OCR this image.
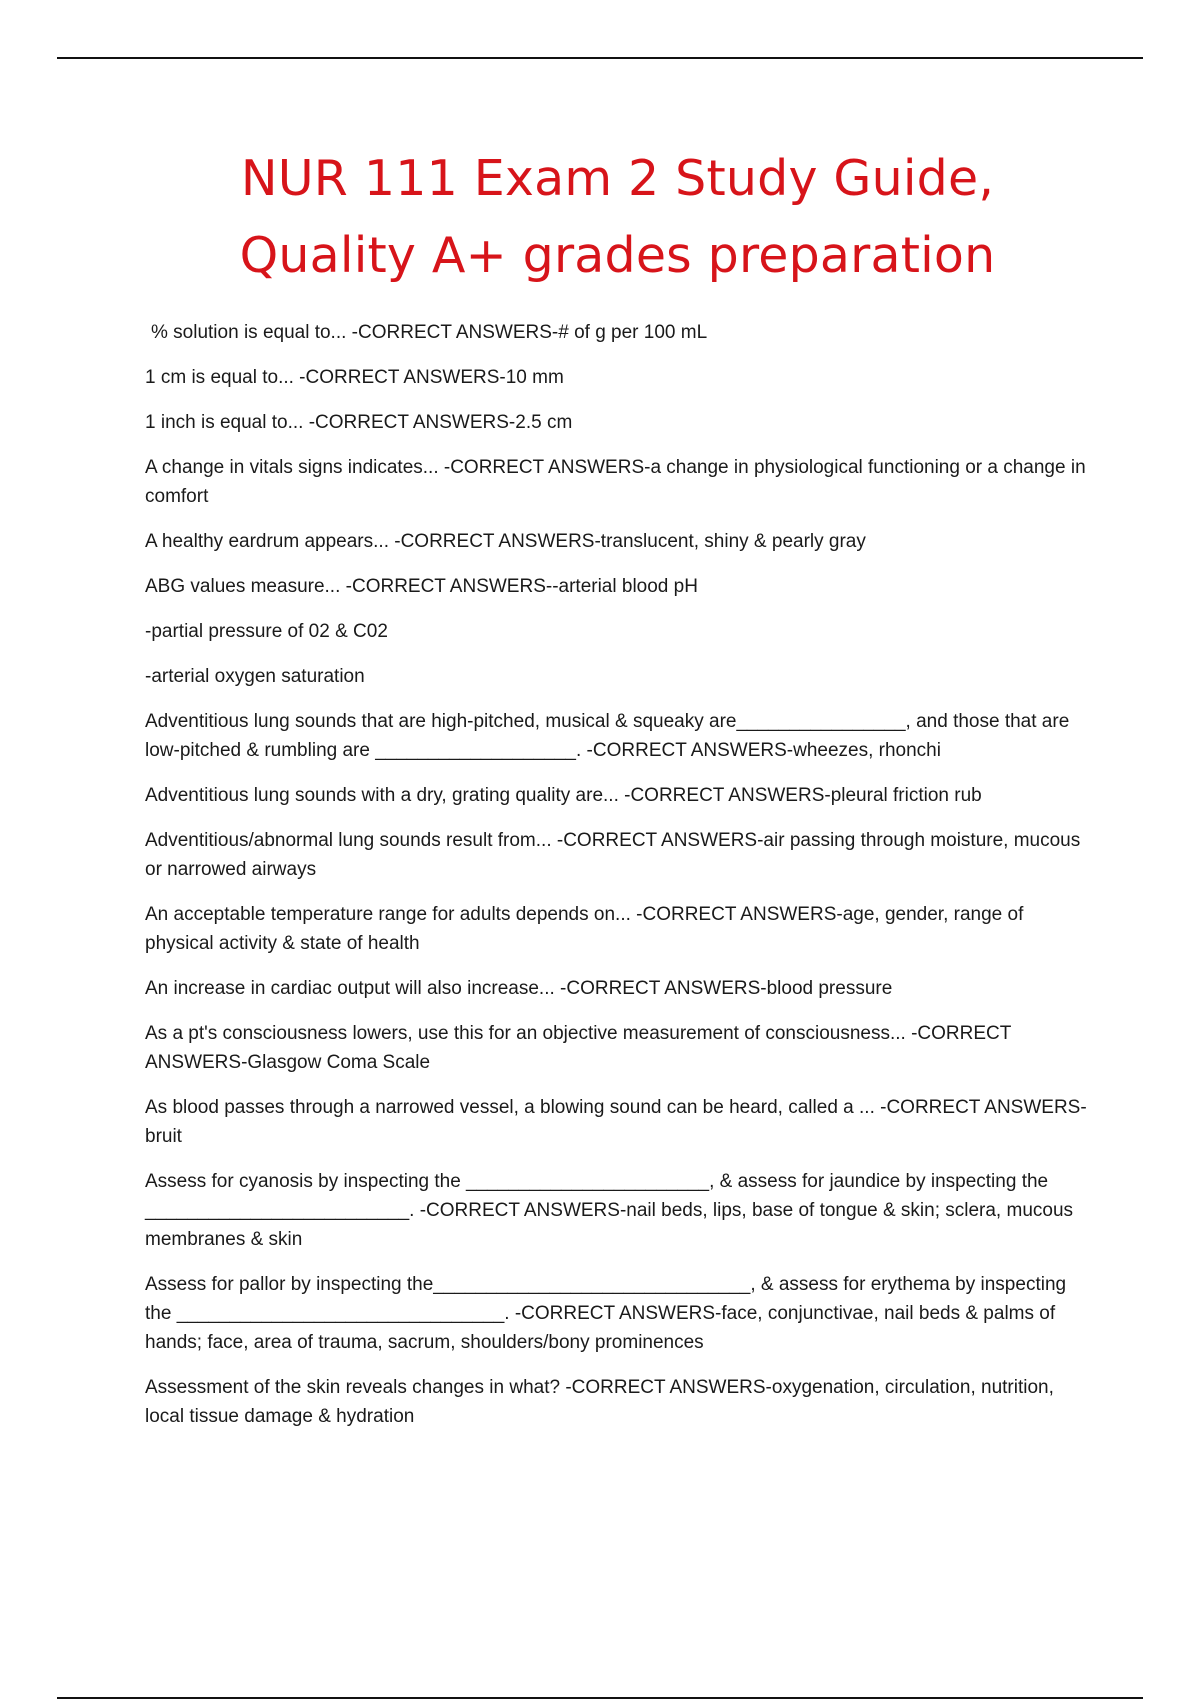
NUR 111 Exam 2 Study Guide, Quality A+ grades preparation

% solution is equal to... -CORRECT ANSWERS-# of g per 100 mL

1 cm is equal to... -CORRECT ANSWERS-10 mm

1 inch is equal to... -CORRECT ANSWERS-2.5 cm

A change in vitals signs indicates... -CORRECT ANSWERS-a change in physiological functioning or a change in comfort

A healthy eardrum appears... -CORRECT ANSWERS-translucent, shiny & pearly gray

ABG values measure... -CORRECT ANSWERS--arterial blood pH

-partial pressure of 02 & C02

-arterial oxygen saturation

Adventitious lung sounds that are high-pitched, musical & squeaky are________________, and those that are low-pitched & rumbling are ___________________. -CORRECT ANSWERS-wheezes, rhonchi

Adventitious lung sounds with a dry, grating quality are... -CORRECT ANSWERS-pleural friction rub

Adventitious/abnormal lung sounds result from... -CORRECT ANSWERS-air passing through moisture, mucous or narrowed airways

An acceptable temperature range for adults depends on... -CORRECT ANSWERS-age, gender, range of physical activity & state of health

An increase in cardiac output will also increase... -CORRECT ANSWERS-blood pressure

As a pt's consciousness lowers, use this for an objective measurement of consciousness... -CORRECT ANSWERS-Glasgow Coma Scale

As blood passes through a narrowed vessel, a blowing sound can be heard, called a ... -CORRECT ANSWERS-bruit

Assess for cyanosis by inspecting the _______________________, & assess for jaundice by inspecting the _________________________. -CORRECT ANSWERS-nail beds, lips, base of tongue & skin; sclera, mucous membranes & skin

Assess for pallor by inspecting the______________________________, & assess for erythema by inspecting the _______________________________. -CORRECT ANSWERS-face, conjunctivae, nail beds & palms of hands; face, area of trauma, sacrum, shoulders/bony prominences

Assessment of the skin reveals changes in what? -CORRECT ANSWERS-oxygenation, circulation, nutrition, local tissue damage & hydration
